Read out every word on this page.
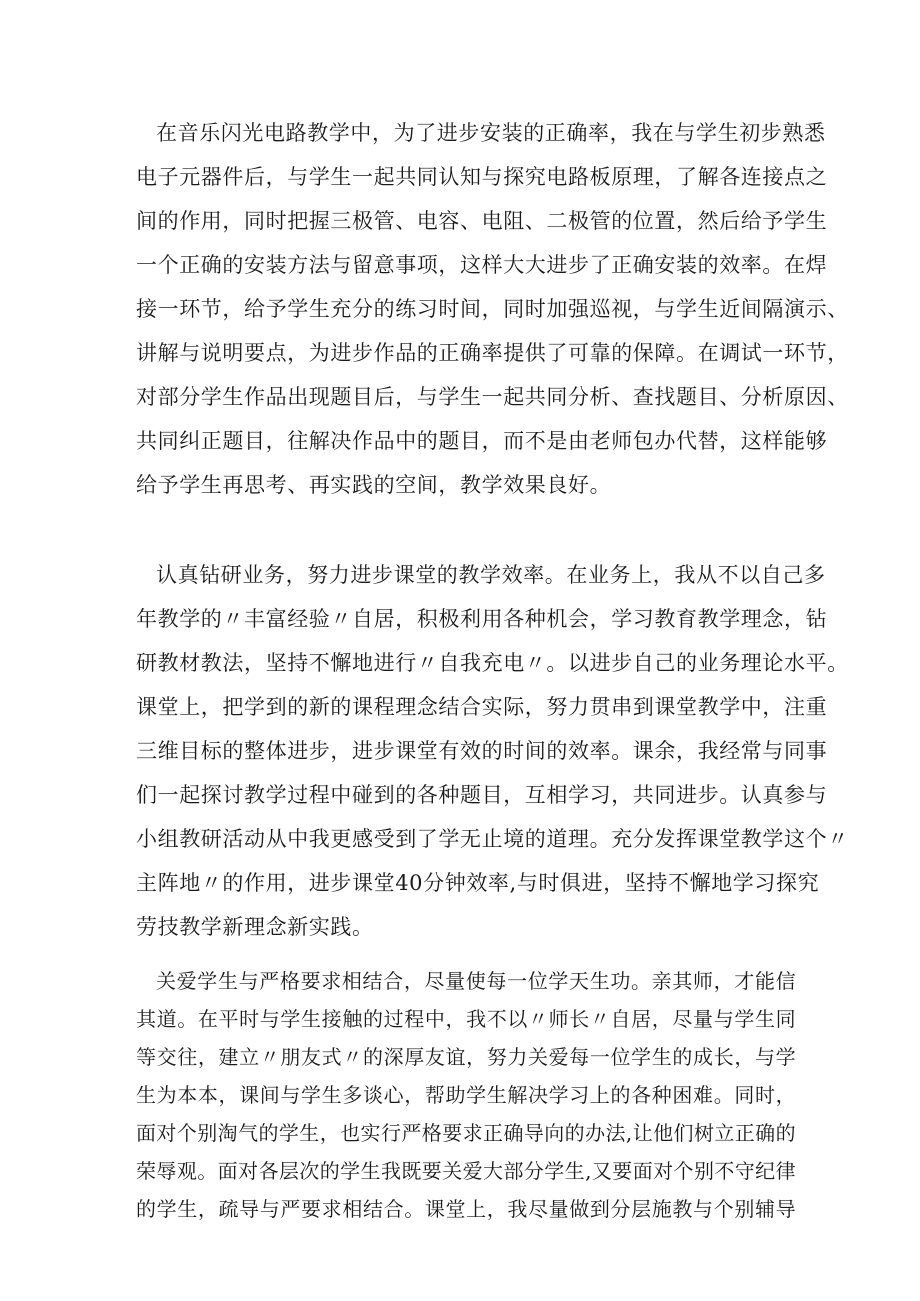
在音乐闪光电路教学中，为了进步安装的正确率，我在与学生初步熟悉
电子元器件后，与学生一起共同认知与探究电路板原理，了解各连接点之
间的作用，同时把握三极管、电容、电阻、二极管的位置，然后给予学生
一个正确的安装方法与留意事项，这样大大进步了正确安装的效率。在焊
接一环节，给予学生充分的练习时间，同时加强巡视，与学生近间隔演示、
讲解与说明要点，为进步作品的正确率提供了可靠的保障。在调试一环节，
对部分学生作品出现题目后，与学生一起共同分析、查找题目、分析原因、
共同纠正题目，往解决作品中的题目，而不是由老师包办代替，这样能够
给予学生再思考、再实践的空间，教学效果良好。
认真钻研业务，努力进步课堂的教学效率。在业务上，我从不以自己多
年教学的〃丰富经验〃自居，积极利用各种机会，学习教育教学理念，钻
研教材教法，坚持不懈地进行〃自我充电〃。以进步自己的业务理论水平。
课堂上，把学到的新的课程理念结合实际，努力贯串到课堂教学中，注重
三维目标的整体进步，进步课堂有效的时间的效率。课余，我经常与同事
们一起探讨教学过程中碰到的各种题目，互相学习，共同进步。认真参与
小组教研活动从中我更感受到了学无止境的道理。充分发挥课堂教学这个〃
主阵地〃的作用，进步课堂40分钟效率,与时俱进，坚持不懈地学习探究
劳技教学新理念新实践。
关爱学生与严格要求相结合，尽量使每一位学天生功。亲其师，才能信
其道。在平时与学生接触的过程中，我不以〃师长〃自居，尽量与学生同
等交往，建立〃朋友式〃的深厚友谊，努力关爱每一位学生的成长，与学
生为本本，课间与学生多谈心，帮助学生解决学习上的各种困难。同时，
面对个别淘气的学生，也实行严格要求正确导向的办法,让他们树立正确的
荣辱观。面对各层次的学生我既要关爱大部分学生,又要面对个别不守纪律
的学生，疏导与严要求相结合。课堂上，我尽量做到分层施教与个别辅导
